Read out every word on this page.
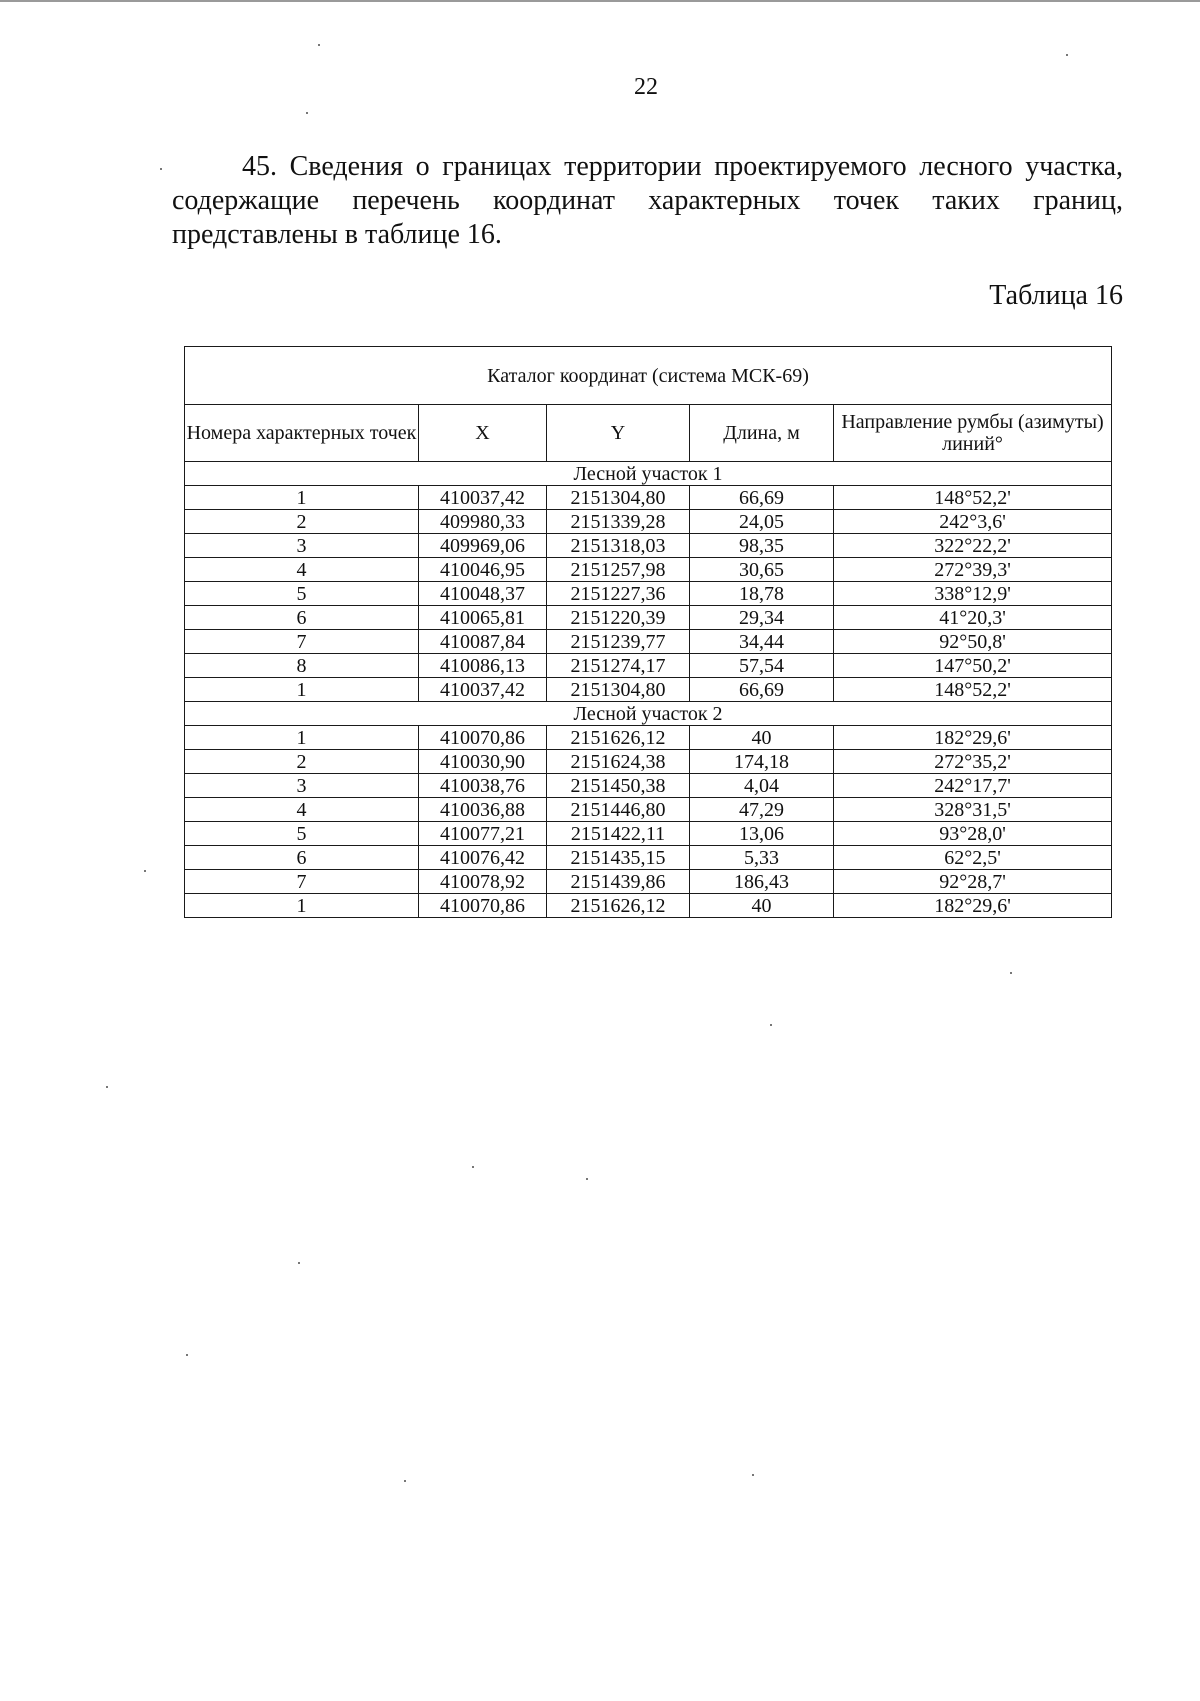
22

45. Сведения о границах территории проектируемого лесного участка, содержащие перечень координат характерных точек таких границ, представлены в таблице 16.

Таблица 16
Каталог координат (система МСК-69)				
Номера характерных точек	X	Y	Длина, м	Направление румбы (азимуты) линий°
Лесной участок 1				
1	410037,42	2151304,80	66,69	148°52,2'
2	409980,33	2151339,28	24,05	242°3,6'
3	409969,06	2151318,03	98,35	322°22,2'
4	410046,95	2151257,98	30,65	272°39,3'
5	410048,37	2151227,36	18,78	338°12,9'
6	410065,81	2151220,39	29,34	41°20,3'
7	410087,84	2151239,77	34,44	92°50,8'
8	410086,13	2151274,17	57,54	147°50,2'
1	410037,42	2151304,80	66,69	148°52,2'
Лесной участок 2				
1	410070,86	2151626,12	40	182°29,6'
2	410030,90	2151624,38	174,18	272°35,2'
3	410038,76	2151450,38	4,04	242°17,7'
4	410036,88	2151446,80	47,29	328°31,5'
5	410077,21	2151422,11	13,06	93°28,0'
6	410076,42	2151435,15	5,33	62°2,5'
7	410078,92	2151439,86	186,43	92°28,7'
1	410070,86	2151626,12	40	182°29,6'
